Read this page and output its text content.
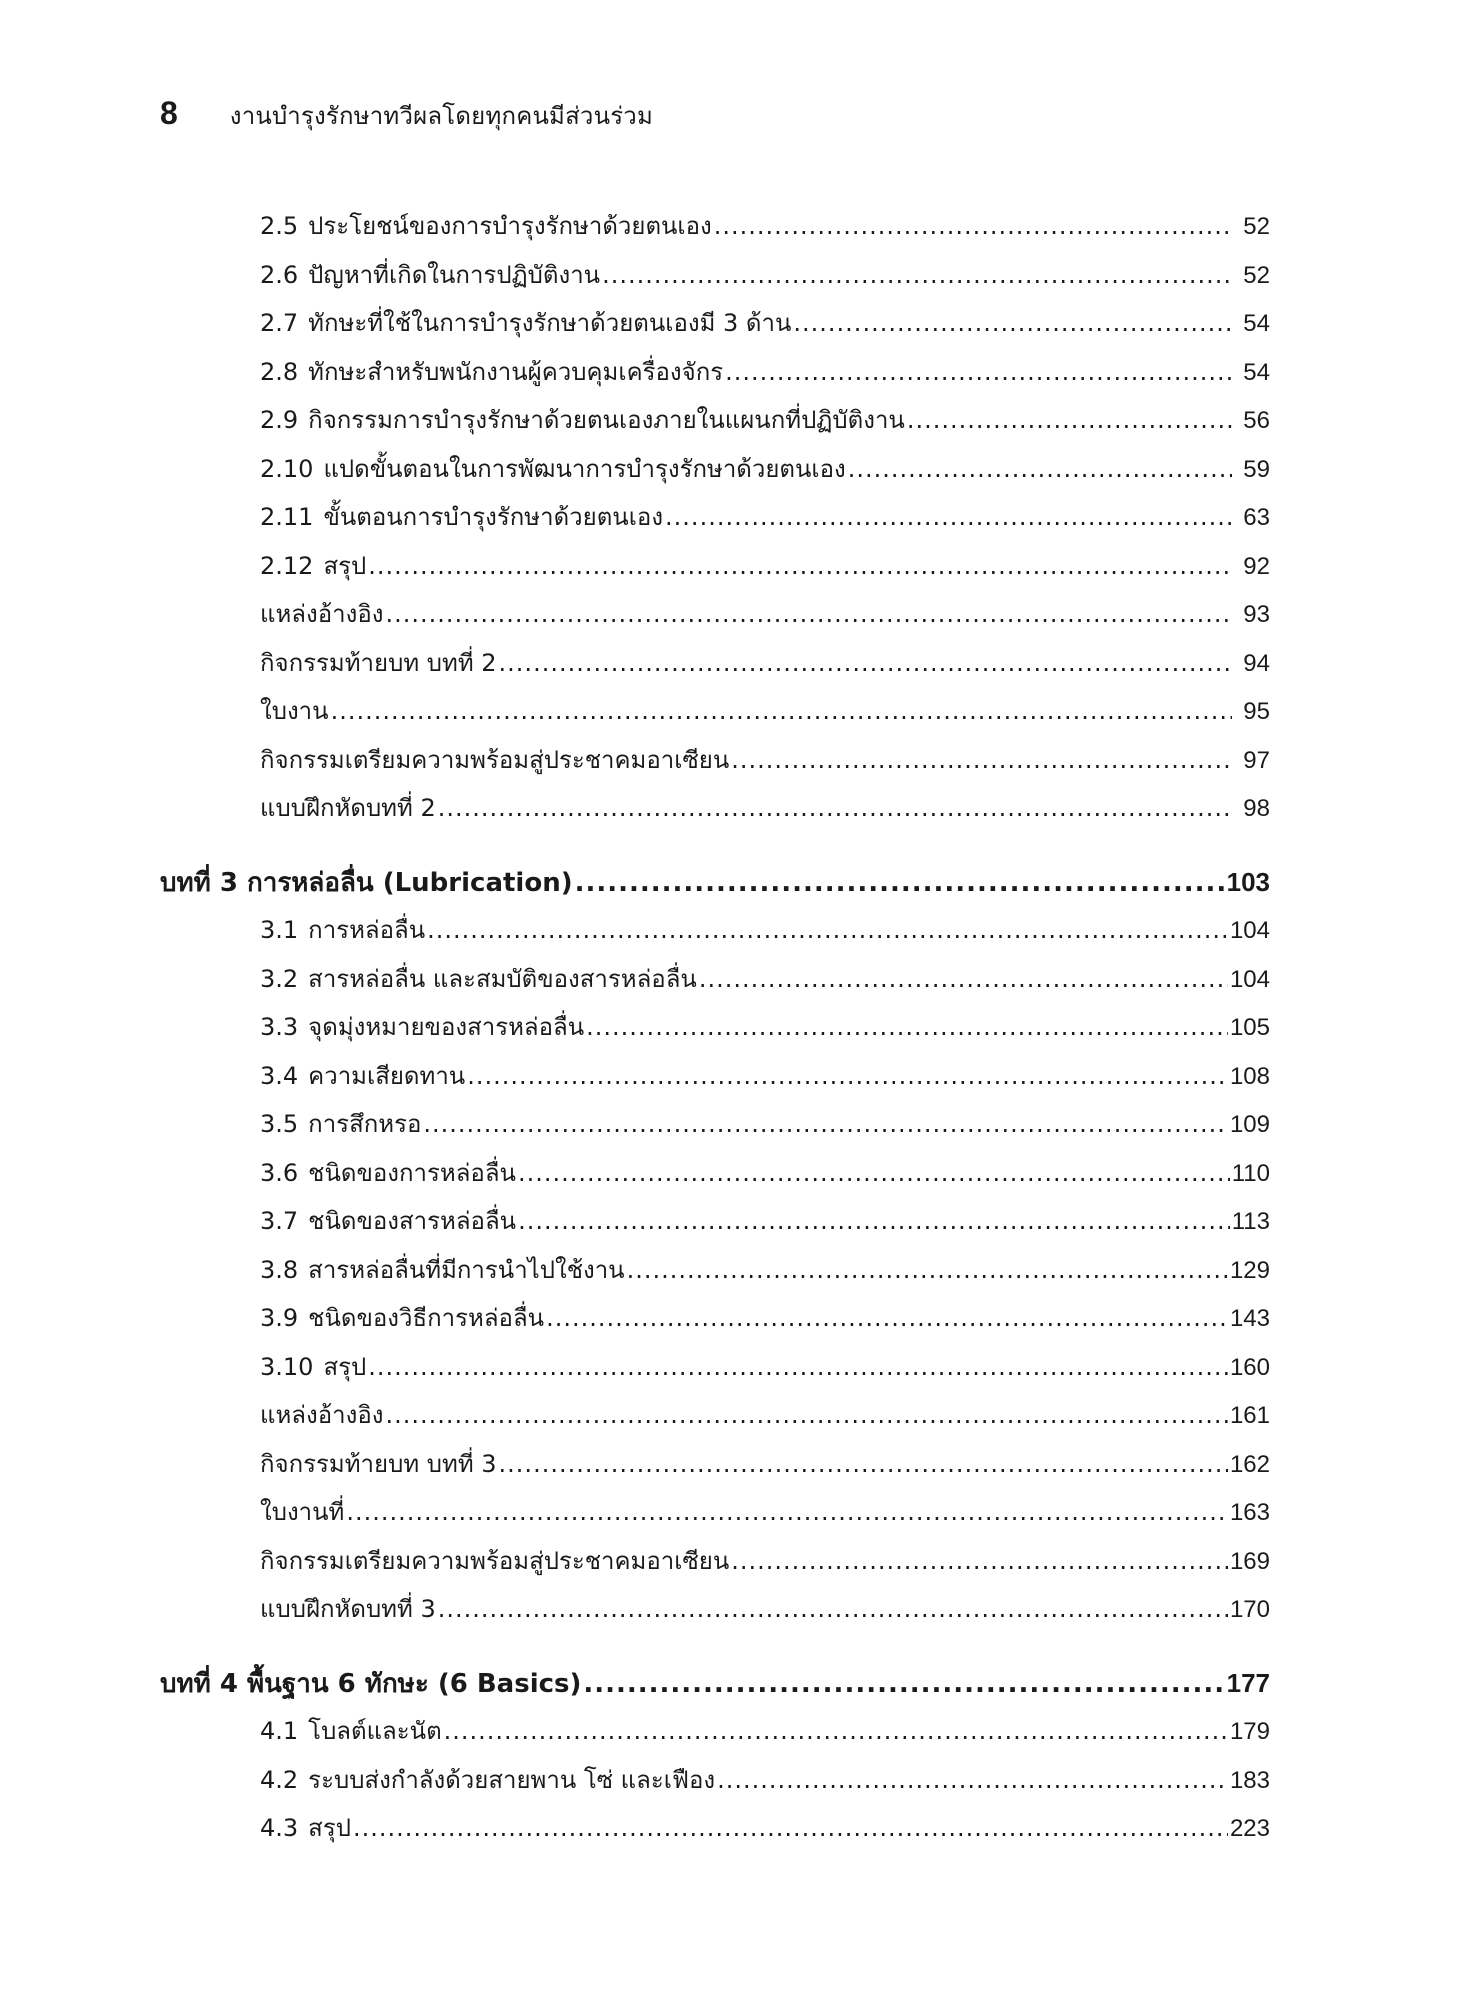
8 งานบำรุงรักษาทวีผลโดยทุกคนมีส่วนร่วม
2.5 ประโยชน์ของการบำรุงรักษาด้วยตนเอง .....	52
2.6 ปัญหาที่เกิดในการปฏิบัติงาน .....	52
2.7 ทักษะที่ใช้ในการบำรุงรักษาด้วยตนเองมี 3 ด้าน .....	54
2.8 ทักษะสำหรับพนักงานผู้ควบคุมเครื่องจักร .....	54
2.9 กิจกรรมการบำรุงรักษาด้วยตนเองภายในแผนกที่ปฏิบัติงาน .....	56
2.10 แปดขั้นตอนในการพัฒนาการบำรุงรักษาด้วยตนเอง .....	59
2.11 ขั้นตอนการบำรุงรักษาด้วยตนเอง .....	63
2.12 สรุป .....	92
แหล่งอ้างอิง .....	93
กิจกรรมท้ายบท บทที่ 2 .....	94
ใบงาน .....	95
กิจกรรมเตรียมความพร้อมสู่ประชาคมอาเซียน .....	97
แบบฝึกหัดบทที่ 2 .....	98
บทที่ 3 การหล่อลื่น (Lubrication) .....	103
3.1 การหล่อลื่น .....	104
3.2 สารหล่อลื่น และสมบัติของสารหล่อลื่น .....	104
3.3 จุดมุ่งหมายของสารหล่อลื่น .....	105
3.4 ความเสียดทาน .....	108
3.5 การสึกหรอ .....	109
3.6 ชนิดของการหล่อลื่น .....	110
3.7 ชนิดของสารหล่อลื่น .....	113
3.8 สารหล่อลื่นที่มีการนำไปใช้งาน .....	129
3.9 ชนิดของวิธีการหล่อลื่น .....	143
3.10 สรุป .....	160
แหล่งอ้างอิง .....	161
กิจกรรมท้ายบท บทที่ 3 .....	162
ใบงานที่ .....	163
กิจกรรมเตรียมความพร้อมสู่ประชาคมอาเซียน .....	169
แบบฝึกหัดบทที่ 3 .....	170
บทที่ 4 พื้นฐาน 6 ทักษะ (6 Basics) .....	177
4.1 โบลต์และนัต .....	179
4.2 ระบบส่งกำลังด้วยสายพาน โซ่ และเฟือง .....	183
4.3 สรุป .....	223
